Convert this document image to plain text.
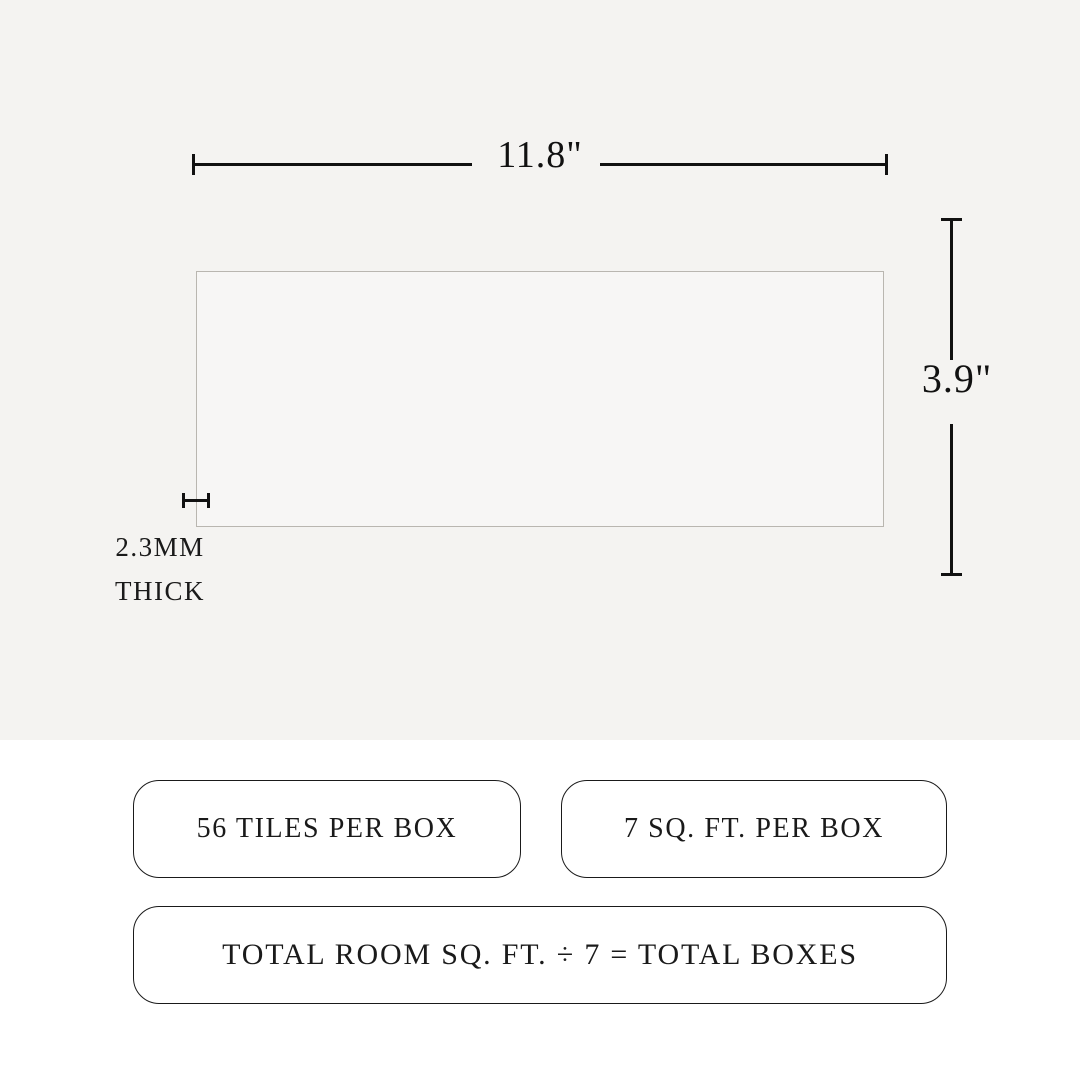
11.8"
3.9"
2.3MM
THICK
56 TILES PER BOX	7 SQ. FT. PER BOX
TOTAL ROOM SQ. FT. ÷ 7 = TOTAL BOXES
